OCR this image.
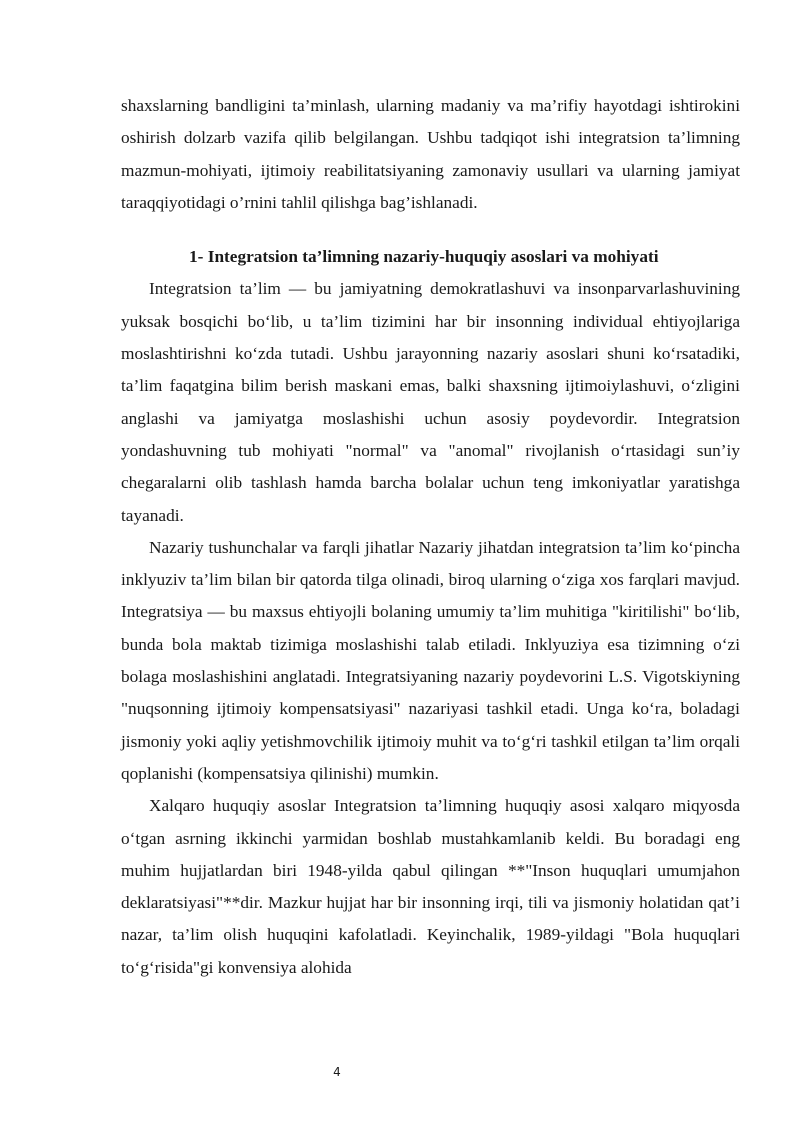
shaxslarning bandligini ta’minlash, ularning madaniy va ma’rifiy hayotdagi ishtirokini oshirish dolzarb vazifa qilib belgilangan. Ushbu tadqiqot ishi integratsion ta’limning mazmun-mohiyati, ijtimoiy reabilitatsiyaning zamonaviy usullari va ularning jamiyat taraqqiyotidagi o’rnini tahlil qilishga bag’ishlanadi.

1- Integratsion ta’limning nazariy-huquqiy asoslari va mohiyati

Integratsion ta’lim — bu jamiyatning demokratlashuvi va insonparvarlashuvining yuksak bosqichi bo‘lib, u ta’lim tizimini har bir insonning individual ehtiyojlariga moslashtirishni ko‘zda tutadi. Ushbu jarayonning nazariy asoslari shuni ko‘rsatadiki, ta’lim faqatgina bilim berish maskani emas, balki shaxsning ijtimoiylashuvi, o‘zligini anglashi va jamiyatga moslashishi uchun asosiy poydevordir. Integratsion yondashuvning tub mohiyati "normal" va "anomal" rivojlanish o‘rtasidagi sun’iy chegaralarni olib tashlash hamda barcha bolalar uchun teng imkoniyatlar yaratishga tayanadi.

Nazariy tushunchalar va farqli jihatlar Nazariy jihatdan integratsion ta’lim ko‘pincha inklyuziv ta’lim bilan bir qatorda tilga olinadi, biroq ularning o‘ziga xos farqlari mavjud. Integratsiya — bu maxsus ehtiyojli bolaning umumiy ta’lim muhitiga "kiritilishi" bo‘lib, bunda bola maktab tizimiga moslashishi talab etiladi. Inklyuziya esa tizimning o‘zi bolaga moslashishini anglatadi. Integratsiyaning nazariy poydevorini L.S. Vigotskiyning "nuqsonning ijtimoiy kompensatsiyasi" nazariyasi tashkil etadi. Unga ko‘ra, boladagi jismoniy yoki aqliy yetishmovchilik ijtimoiy muhit va to‘g‘ri tashkil etilgan ta’lim orqali qoplanishi (kompensatsiya qilinishi) mumkin.

Xalqaro huquqiy asoslar Integratsion ta’limning huquqiy asosi xalqaro miqyosda o‘tgan asrning ikkinchi yarmidan boshlab mustahkamlanib keldi. Bu boradagi eng muhim hujjatlardan biri 1948-yilda qabul qilingan **"Inson huquqlari umumjahon deklaratsiyasi"**dir. Mazkur hujjat har bir insonning irqi, tili va jismoniy holatidan qat’i nazar, ta’lim olish huquqini kafolatladi. Keyinchalik, 1989-yildagi "Bola huquqlari to‘g‘risida"gi konvensiya alohida

4
